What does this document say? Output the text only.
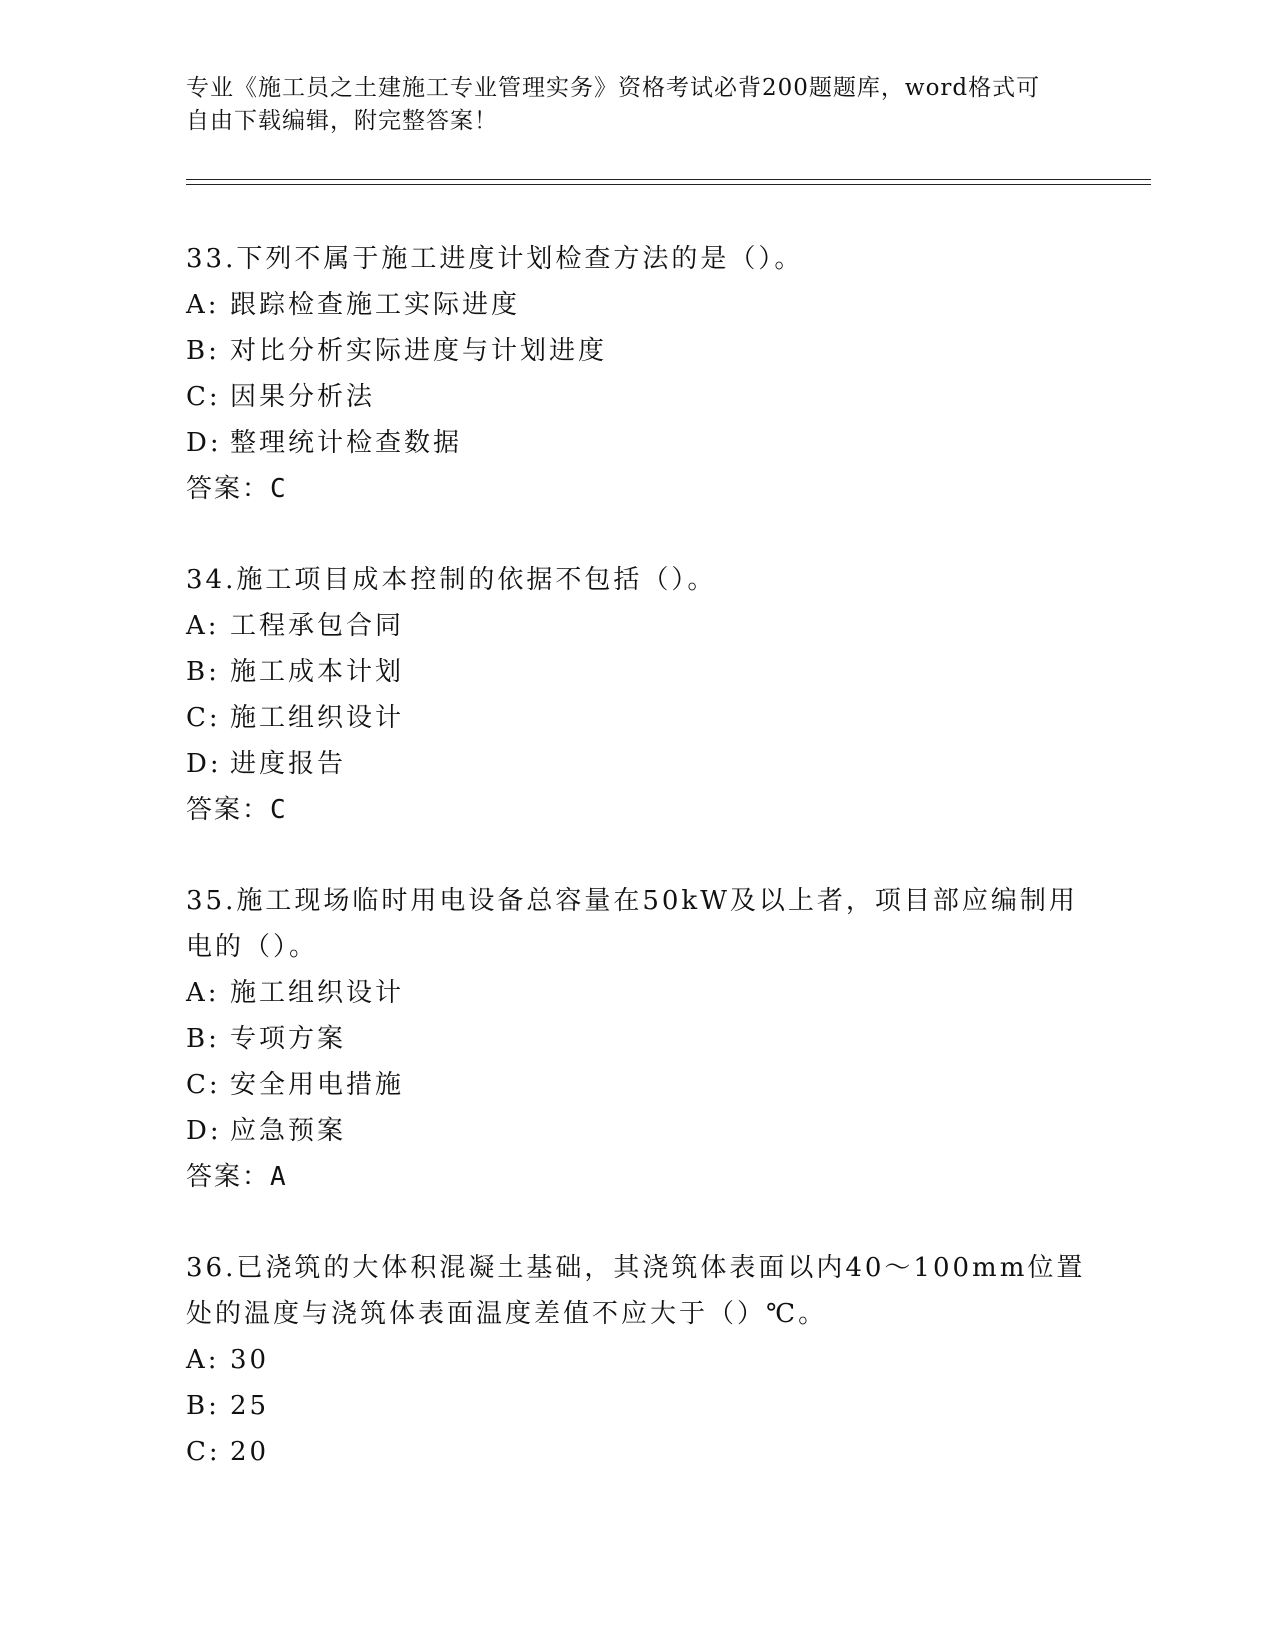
专业《施工员之土建施工专业管理实务》资格考试必背200题题库，word格式可
自由下载编辑，附完整答案！
33.下列不属于施工进度计划检查方法的是（）。
A: 跟踪检查施工实际进度
B: 对比分析实际进度与计划进度
C: 因果分析法
D: 整理统计检查数据
答案：C
34.施工项目成本控制的依据不包括（）。
A: 工程承包合同
B: 施工成本计划
C: 施工组织设计
D: 进度报告
答案：C
35.施工现场临时用电设备总容量在50kW及以上者，项目部应编制用电的（）。
A: 施工组织设计
B: 专项方案
C: 安全用电措施
D: 应急预案
答案：A
36.已浇筑的大体积混凝土基础，其浇筑体表面以内40～100mm位置处的温度与浇筑体表面温度差值不应大于（）℃。
A: 30
B: 25
C: 20
